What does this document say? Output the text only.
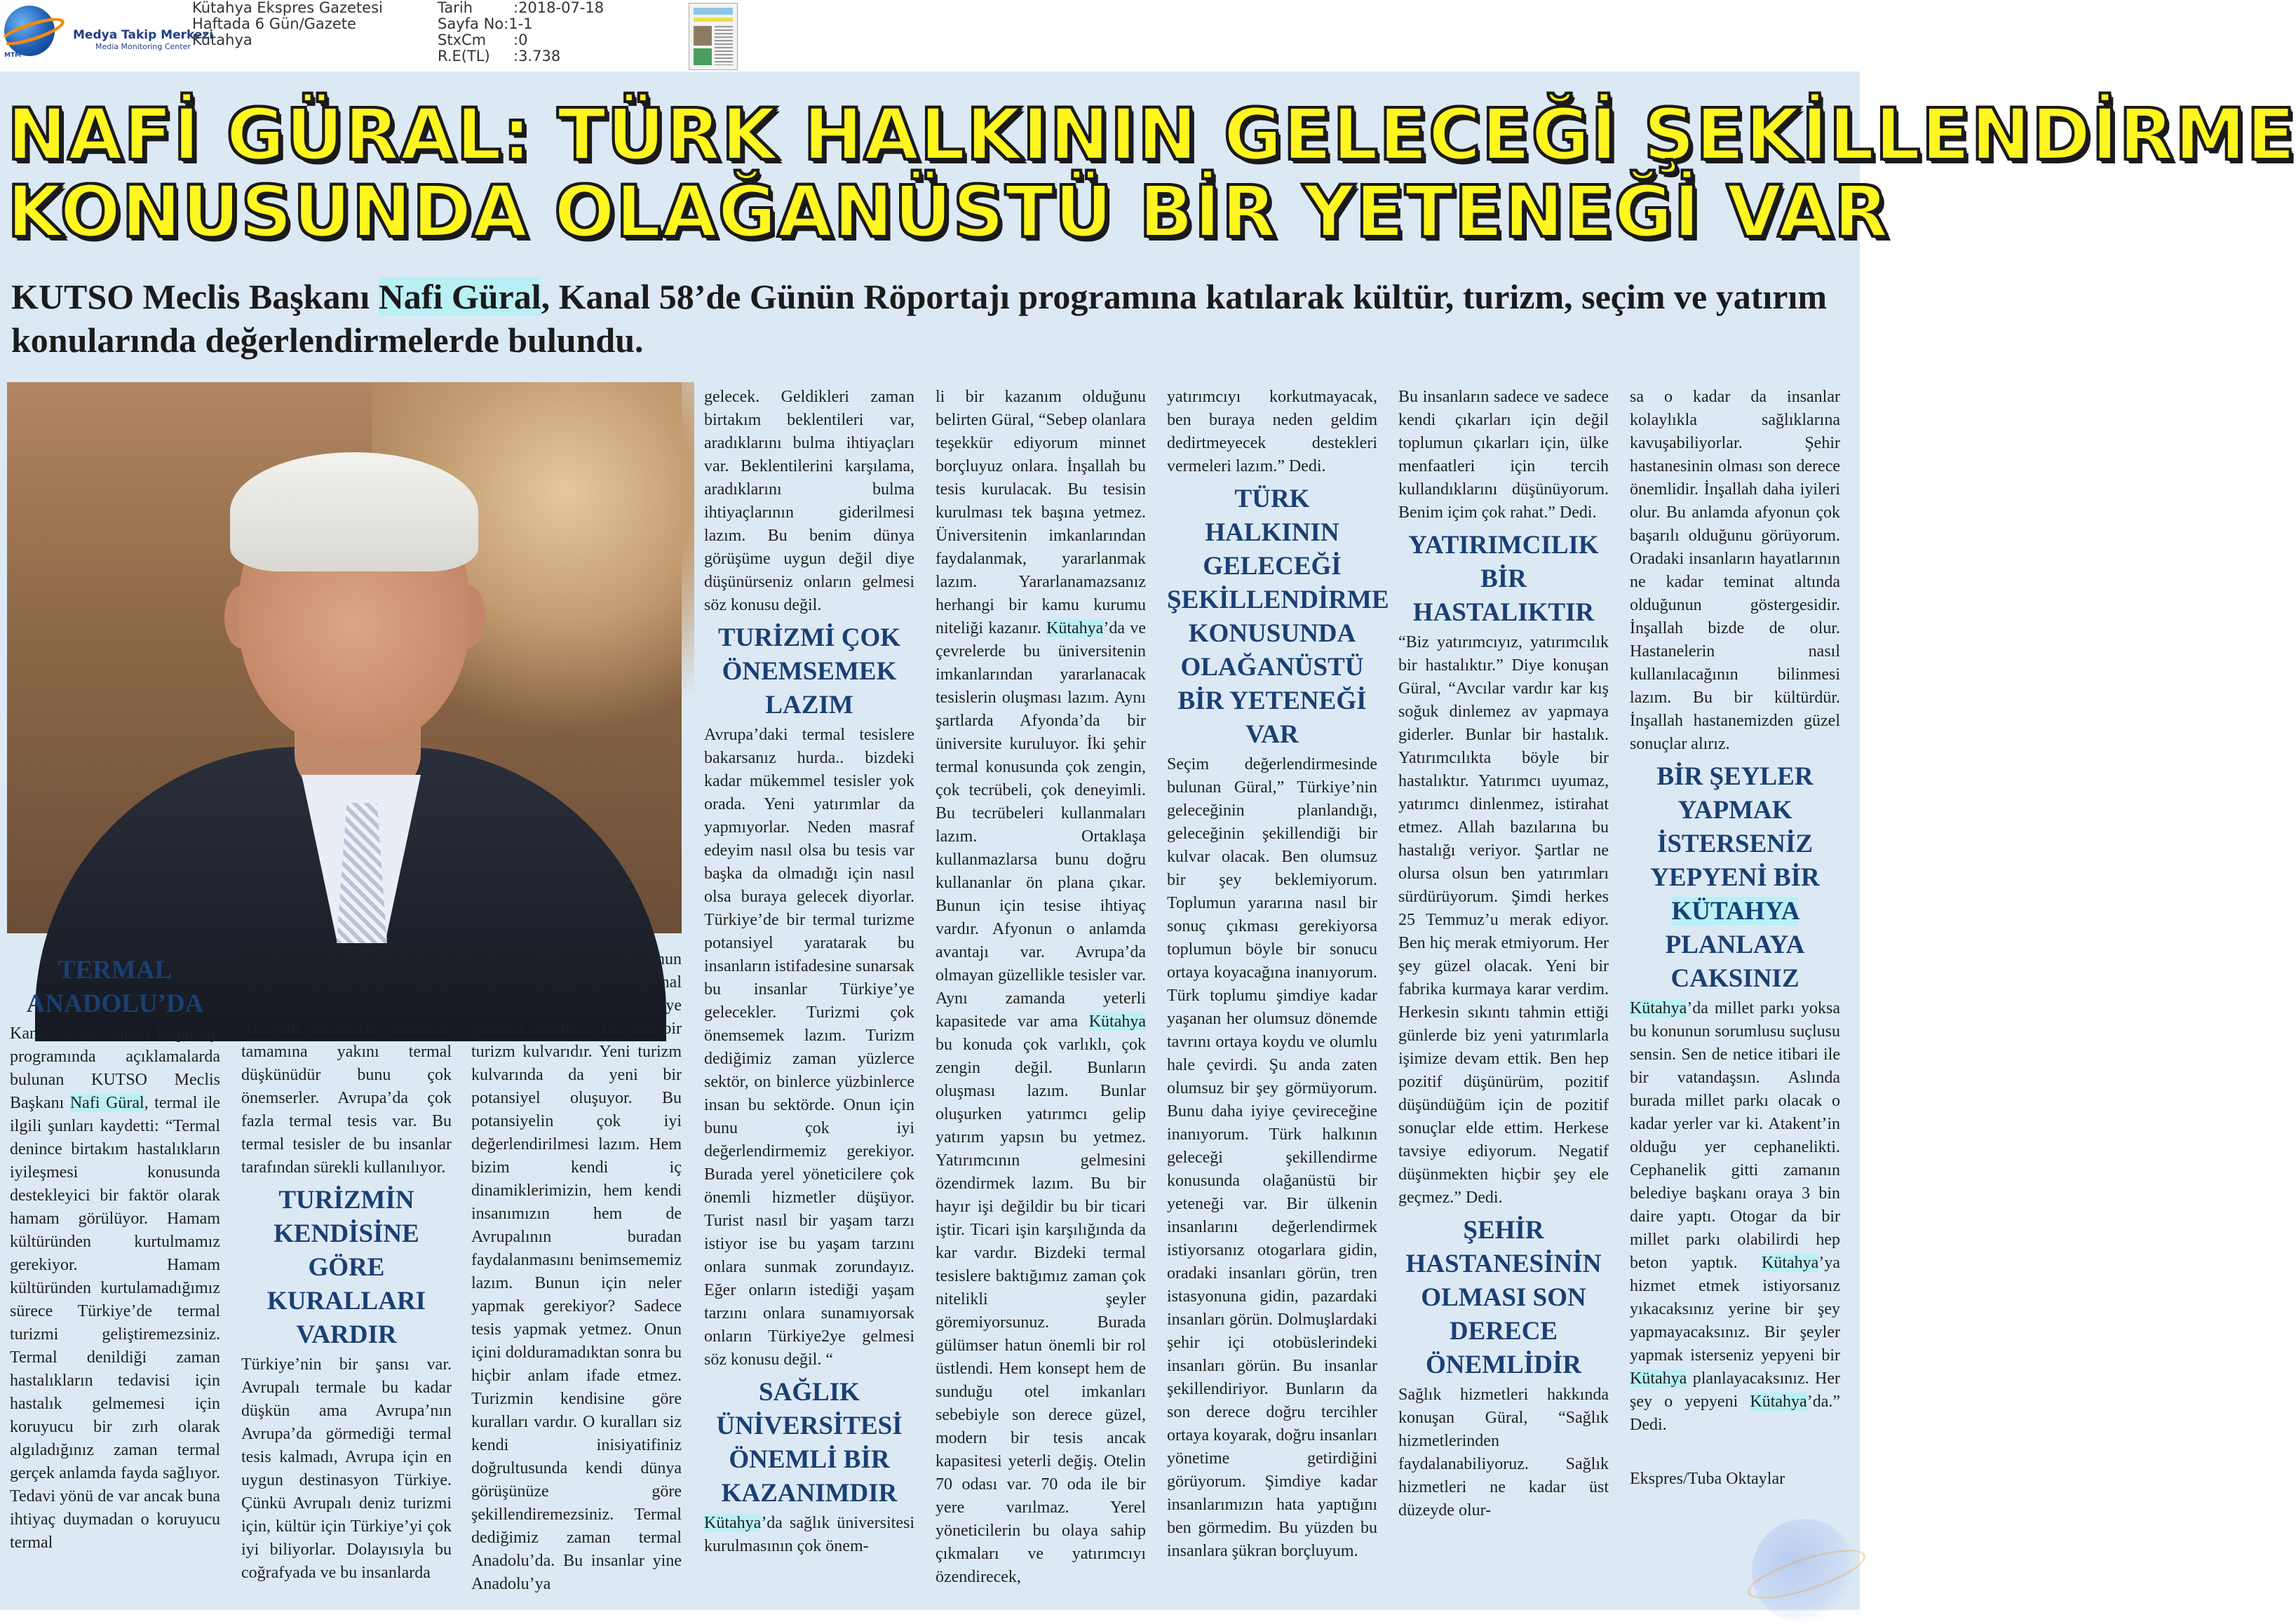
MTM
Medya Takip Merkezi
Media Monitoring Center
Kütahya Ekspres Gazetesi
Haftada 6 Gün/Gazete
Kütahya
Tarih	:2018-07-18
Sayfa No:1-1
StxCm :0
R.E(TL) :3.738
NAFİ GÜRAL: TÜRK HALKININ GELECEĞİ ŞEKİLLENDİRME
KONUSUNDA OLAĞANÜSTÜ BİR YETENEĞİ VAR
KUTSO Meclis Başkanı Nafi Güral, Kanal 58’de Günün Röportajı programına katılarak kültür, turizm, seçim ve yatırım konularında değerlendirmelerde bulundu.
TERMAL ANADOLU’DA

Kanal 58’de Günün Röportajı programında açıklamalarda bulunan KUTSO Meclis Başkanı Nafi Güral, termal ile ilgili şunları kaydetti: “Termal denince birtakım hastalıkların iyileşmesi konusunda destekleyici bir faktör olarak hamam görülüyor. Hamam kültüründen kurtulmamız gerekiyor. Hamam kültüründen kurtulamadığımız sürece Türkiye’de termal turizmi geliştiremezsiniz. Termal denildiği zaman hastalıkların tedavisi için hastalık gelmemesi için koruyucu bir zırh olarak algıladığınız zaman termal gerçek anlamda fayda sağlıyor. Tedavi yönü de var ancak buna ihtiyaç duymadan o koruyucu termal

zırha bürünmek şartıyla termal ’den yararlanmak lazım. Avrupa’ya baktığınızda Avrupalı insanların istisnasız tamamına yakını termal düşkünüdür bunu çok önemserler. Avrupa’da çok fazla termal tesis var. Bu termal tesisler de bu insanlar tarafından sürekli kullanılıyor.

TURİZMİN KENDİSİNE GÖRE KURALLARI VARDIR

Türkiye’nin bir şansı var. Avrupalı termale bu kadar düşkün ama Avrupa’nın Avrupa’da görmediği termal tesis kalmadı, Avrupa için en uygun destinasyon Türkiye. Çünkü Avrupalı deniz turizmi için, kültür için Türkiye’yi çok iyi biliyorlar. Dolayısıyla bu coğrafyada ve bu insanlarda

bir farklılık görüyorlar. Bunun için Avrupalının termal ihtiyacı için Türkiye’ye gelmesi mümkün. Bu yeni bir turizm kulvarıdır. Yeni turizm kulvarında da yeni bir potansiyel oluşuyor. Bu potansiyelin çok iyi değerlendirilmesi lazım. Hem bizim kendi iç dinamiklerimizin, hem kendi insanımızın hem de Avrupalının buradan faydalanmasını benimsememiz lazım. Bunun için neler yapmak gerekiyor? Sadece tesis yapmak yetmez. Onun içini dolduramadıktan sonra bu hiçbir anlam ifade etmez. Turizmin kendisine göre kuralları vardır. O kuralları siz kendi inisiyatifiniz doğrultusunda kendi dünya görüşünüze göre şekillendiremezsiniz. Termal dediğimiz zaman termal Anadolu’da. Bu insanlar yine Anadolu’ya

gelecek. Geldikleri zaman birtakım beklentileri var, aradıklarını bulma ihtiyaçları var. Beklentilerini karşılama, aradıklarını bulma ihtiyaçlarının giderilmesi lazım. Bu benim dünya görüşüme uygun değil diye düşünürseniz onların gelmesi söz konusu değil.

TURİZMİ ÇOK ÖNEMSEMEK LAZIM

Avrupa’daki termal tesislere bakarsanız hurda.. bizdeki kadar mükemmel tesisler yok orada. Yeni yatırımlar da yapmıyorlar. Neden masraf edeyim nasıl olsa bu tesis var başka da olmadığı için nasıl olsa buraya gelecek diyorlar. Türkiye’de bir termal turizme potansiyel yaratarak bu insanların istifadesine sunarsak bu insanlar Türkiye’ye gelecekler. Turizmi çok önemsemek lazım. Turizm dediğimiz zaman yüzlerce sektör, on binlerce yüzbinlerce insan bu sektörde. Onun için bunu çok iyi değerlendirmemiz gerekiyor. Burada yerel yöneticilere çok önemli hizmetler düşüyor. Turist nasıl bir yaşam tarzı istiyor ise bu yaşam tarzını onlara sunmak zorundayız. Eğer onların istediği yaşam tarzını onlara sunamıyorsak onların Türkiye2ye gelmesi söz konusu değil. “

SAĞLIK ÜNİVERSİTESİ ÖNEMLİ BİR KAZANIMDIR

Kütahya’da sağlık üniversitesi kurulmasının çok önem-

li bir kazanım olduğunu belirten Güral, “Sebep olanlara teşekkür ediyorum minnet borçluyuz onlara. İnşallah bu tesis kurulacak. Bu tesisin kurulması tek başına yetmez. Üniversitenin imkanlarından faydalanmak, yararlanmak lazım. Yararlanamazsanız herhangi bir kamu kurumu niteliği kazanır. Kütahya’da ve çevrelerde bu üniversitenin imkanlarından yararlanacak tesislerin oluşması lazım. Aynı şartlarda Afyonda’da bir üniversite kuruluyor. İki şehir termal konusunda çok zengin, çok tecrübeli, çok deneyimli. Bu tecrübeleri kullanmaları lazım. Ortaklaşa kullanmazlarsa bunu doğru kullananlar ön plana çıkar. Bunun için tesise ihtiyaç vardır. Afyonun o anlamda avantajı var. Avrupa’da olmayan güzellikle tesisler var. Aynı zamanda yeterli kapasitede var ama Kütahya bu konuda çok varlıklı, çok zengin değil. Bunların oluşması lazım. Bunlar oluşurken yatırımcı gelip yatırım yapsın bu yetmez. Yatırımcının gelmesini özendirmek lazım. Bu bir hayır işi değildir bu bir ticari iştir. Ticari işin karşılığında da kar vardır. Bizdeki termal tesislere baktığımız zaman çok nitelikli şeyler göremiyorsunuz. Burada gülümser hatun önemli bir rol üstlendi. Hem konsept hem de sunduğu otel imkanları sebebiyle son derece güzel, modern bir tesis ancak kapasitesi yeterli değiş. Otelin 70 odası var. 70 oda ile bir yere varılmaz. Yerel yöneticilerin bu olaya sahip çıkmaları ve yatırımcıyı özendirecek,

yatırımcıyı korkutmayacak, ben buraya neden geldim dedirtmeyecek destekleri vermeleri lazım.” Dedi.

TÜRK HALKININ GELECEĞİ ŞEKİLLENDİRME KONUSUNDA OLAĞANÜSTÜ BİR YETENEĞİ VAR

Seçim değerlendirmesinde bulunan Güral,” Türkiye’nin geleceğinin planlandığı, geleceğinin şekillendiği bir kulvar olacak. Ben olumsuz bir şey beklemiyorum. Toplumun yararına nasıl bir sonuç çıkması gerekiyorsa toplumun böyle bir sonucu ortaya koyacağına inanıyorum. Türk toplumu şimdiye kadar yaşanan her olumsuz dönemde tavrını ortaya koydu ve olumlu hale çevirdi. Şu anda zaten olumsuz bir şey görmüyorum. Bunu daha iyiye çevireceğine inanıyorum. Türk halkının geleceği şekillendirme konusunda olağanüstü bir yeteneği var. Bir ülkenin insanlarını değerlendirmek istiyorsanız otogarlara gidin, oradaki insanları görün, tren istasyonuna gidin, pazardaki insanları görün. Dolmuşlardaki şehir içi otobüslerindeki insanları görün. Bu insanlar şekillendiriyor. Bunların da son derece doğru tercihler ortaya koyarak, doğru insanları yönetime getirdiğini görüyorum. Şimdiye kadar insanlarımızın hata yaptığını ben görmedim. Bu yüzden bu insanlara şükran borçluyum.

Bu insanların sadece ve sadece kendi çıkarları için değil toplumun çıkarları için, ülke menfaatleri için tercih kullandıklarını düşünüyorum. Benim içim çok rahat.” Dedi.

YATIRIMCILIK BİR HASTALIKTIR

“Biz yatırımcıyız, yatırımcılık bir hastalıktır.” Diye konuşan Güral, “Avcılar vardır kar kış soğuk dinlemez av yapmaya giderler. Bunlar bir hastalık. Yatırımcılıkta böyle bir hastalıktır. Yatırımcı uyumaz, yatırımcı dinlenmez, istirahat etmez. Allah bazılarına bu hastalığı veriyor. Şartlar ne olursa olsun ben yatırımları sürdürüyorum. Şimdi herkes 25 Temmuz’u merak ediyor. Ben hiç merak etmiyorum. Her şey güzel olacak. Yeni bir fabrika kurmaya karar verdim. Herkesin sıkıntı tahmin ettiği günlerde biz yeni yatırımlarla işimize devam ettik. Ben hep pozitif düşünürüm, pozitif düşündüğüm için de pozitif sonuçlar elde ettim. Herkese tavsiye ediyorum. Negatif düşünmekten hiçbir şey ele geçmez.” Dedi.

ŞEHİR HASTANESİNİN OLMASI SON DERECE ÖNEMLİDİR

Sağlık hizmetleri hakkında konuşan Güral, “Sağlık hizmetlerinden faydalanabiliyoruz. Sağlık hizmetleri ne kadar üst düzeyde olur-

sa o kadar da insanlar kolaylıkla sağlıklarına kavuşabiliyorlar. Şehir hastanesinin olması son derece önemlidir. İnşallah daha iyileri olur. Bu anlamda afyonun çok başarılı olduğunu görüyorum. Oradaki insanların hayatlarının ne kadar teminat altında olduğunun göstergesidir. İnşallah bizde de olur. Hastanelerin nasıl kullanılacağının bilinmesi lazım. Bu bir kültürdür. İnşallah hastanemizden güzel sonuçlar alırız.

BİR ŞEYLER YAPMAK İSTERSENİZ YEPYENİ BİR KÜTAHYA PLANLAYA CAKSINIZ

Kütahya’da millet parkı yoksa bu konunun sorumlusu suçlusu sensin. Sen de netice itibari ile bir vatandaşsın. Aslında burada millet parkı olacak o kadar yerler var ki. Atakent’in olduğu yer cephanelikti. Cephanelik gitti zamanın belediye başkanı oraya 3 bin daire yaptı. Otogar da bir millet parkı olabilirdi hep beton yaptık. Kütahya’ya hizmet etmek istiyorsanız yıkacaksınız yerine bir şey yapmayacaksınız. Bir şeyler yapmak isterseniz yepyeni bir Kütahya planlayacaksınız. Her şey o yepyeni Kütahya’da.” Dedi.

Ekspres/Tuba Oktaylar
